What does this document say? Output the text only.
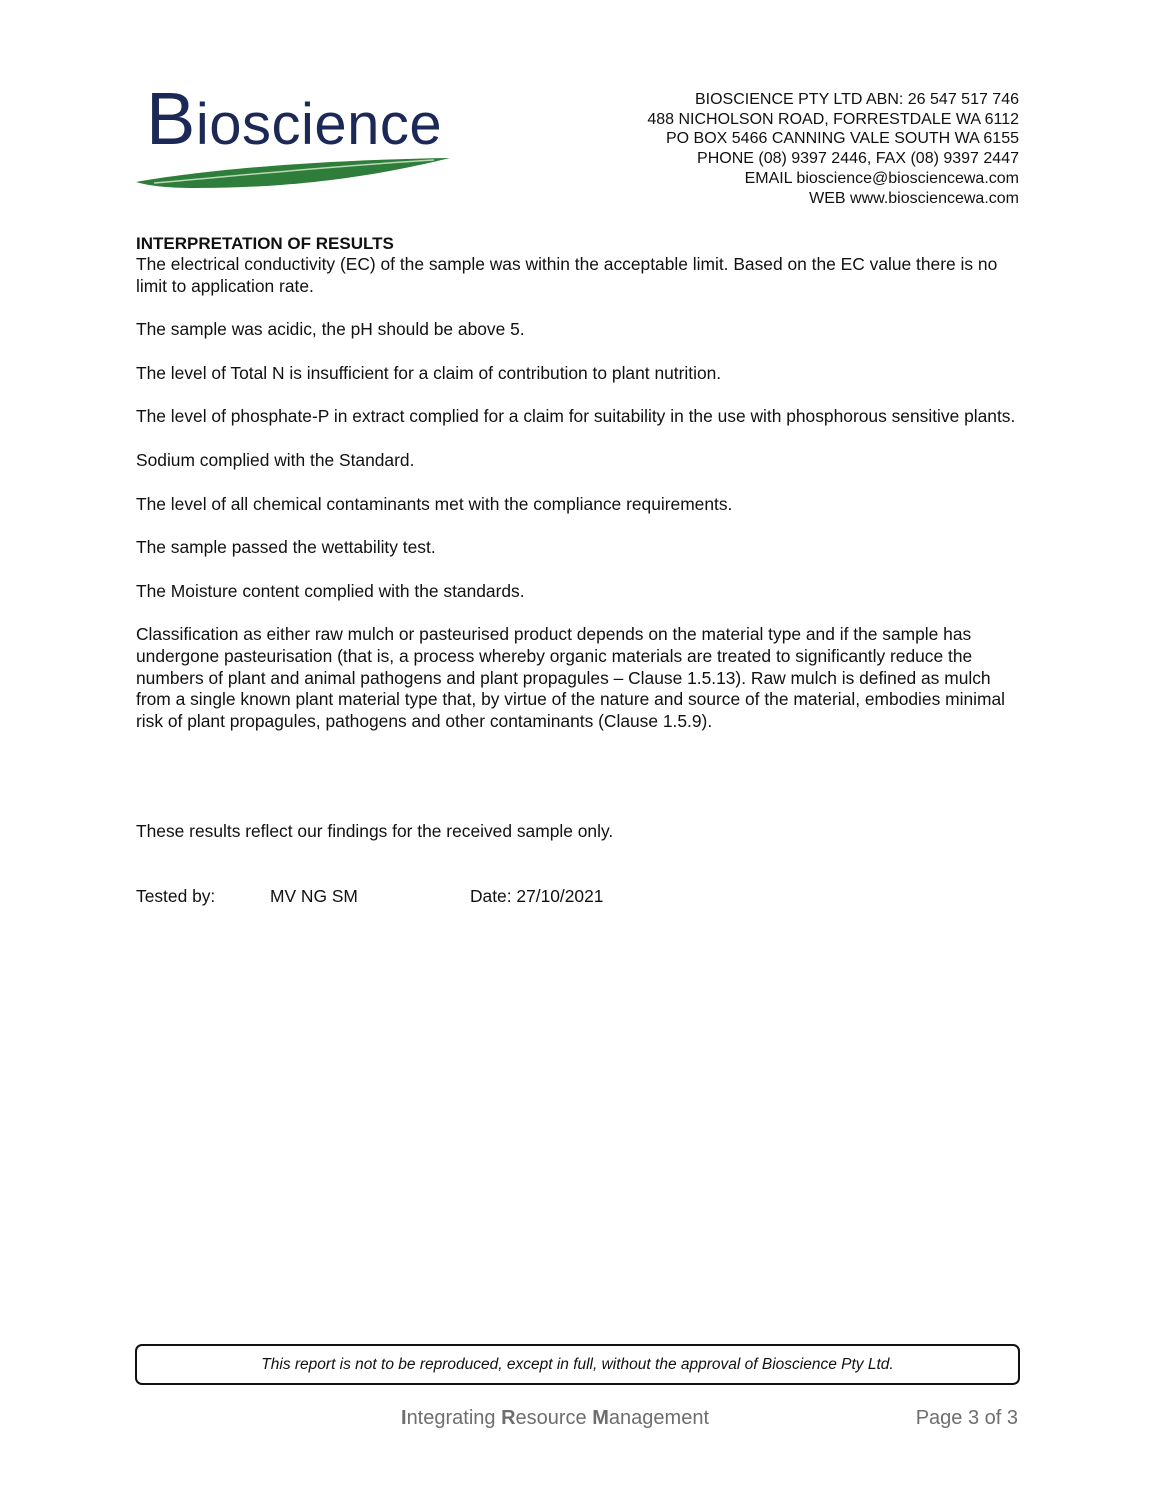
Bioscience	BIOSCIENCE PTY LTD ABN: 26 547 517 746
488 NICHOLSON ROAD, FORRESTDALE WA 6112
PO BOX 5466 CANNING VALE SOUTH WA 6155
PHONE (08) 9397 2446, FAX (08) 9397 2447
EMAIL bioscience@biosciencewa.com
WEB www.biosciencewa.com

INTERPRETATION OF RESULTS

The electrical conductivity (EC) of the sample was within the acceptable limit. Based on the EC value there is no limit to application rate.

The sample was acidic, the pH should be above 5.

The level of Total N is insufficient for a claim of contribution to plant nutrition.

The level of phosphate-P in extract complied for a claim for suitability in the use with phosphorous sensitive plants.

Sodium complied with the Standard.

The level of all chemical contaminants met with the compliance requirements.

The sample passed the wettability test.

The Moisture content complied with the standards.

Classification as either raw mulch or pasteurised product depends on the material type and if the sample has undergone pasteurisation (that is, a process whereby organic materials are treated to significantly reduce the numbers of plant and animal pathogens and plant propagules – Clause 1.5.13). Raw mulch is defined as mulch from a single known plant material type that, by virtue of the nature and source of the material, embodies minimal risk of plant propagules, pathogens and other contaminants (Clause 1.5.9).

These results reflect our findings for the received sample only.
Tested by:	MV NG SM	Date: 27/10/2021
This report is not to be reproduced, except in full, without the approval of Bioscience Pty Ltd.
Integrating Resource Management	Page 3 of 3
